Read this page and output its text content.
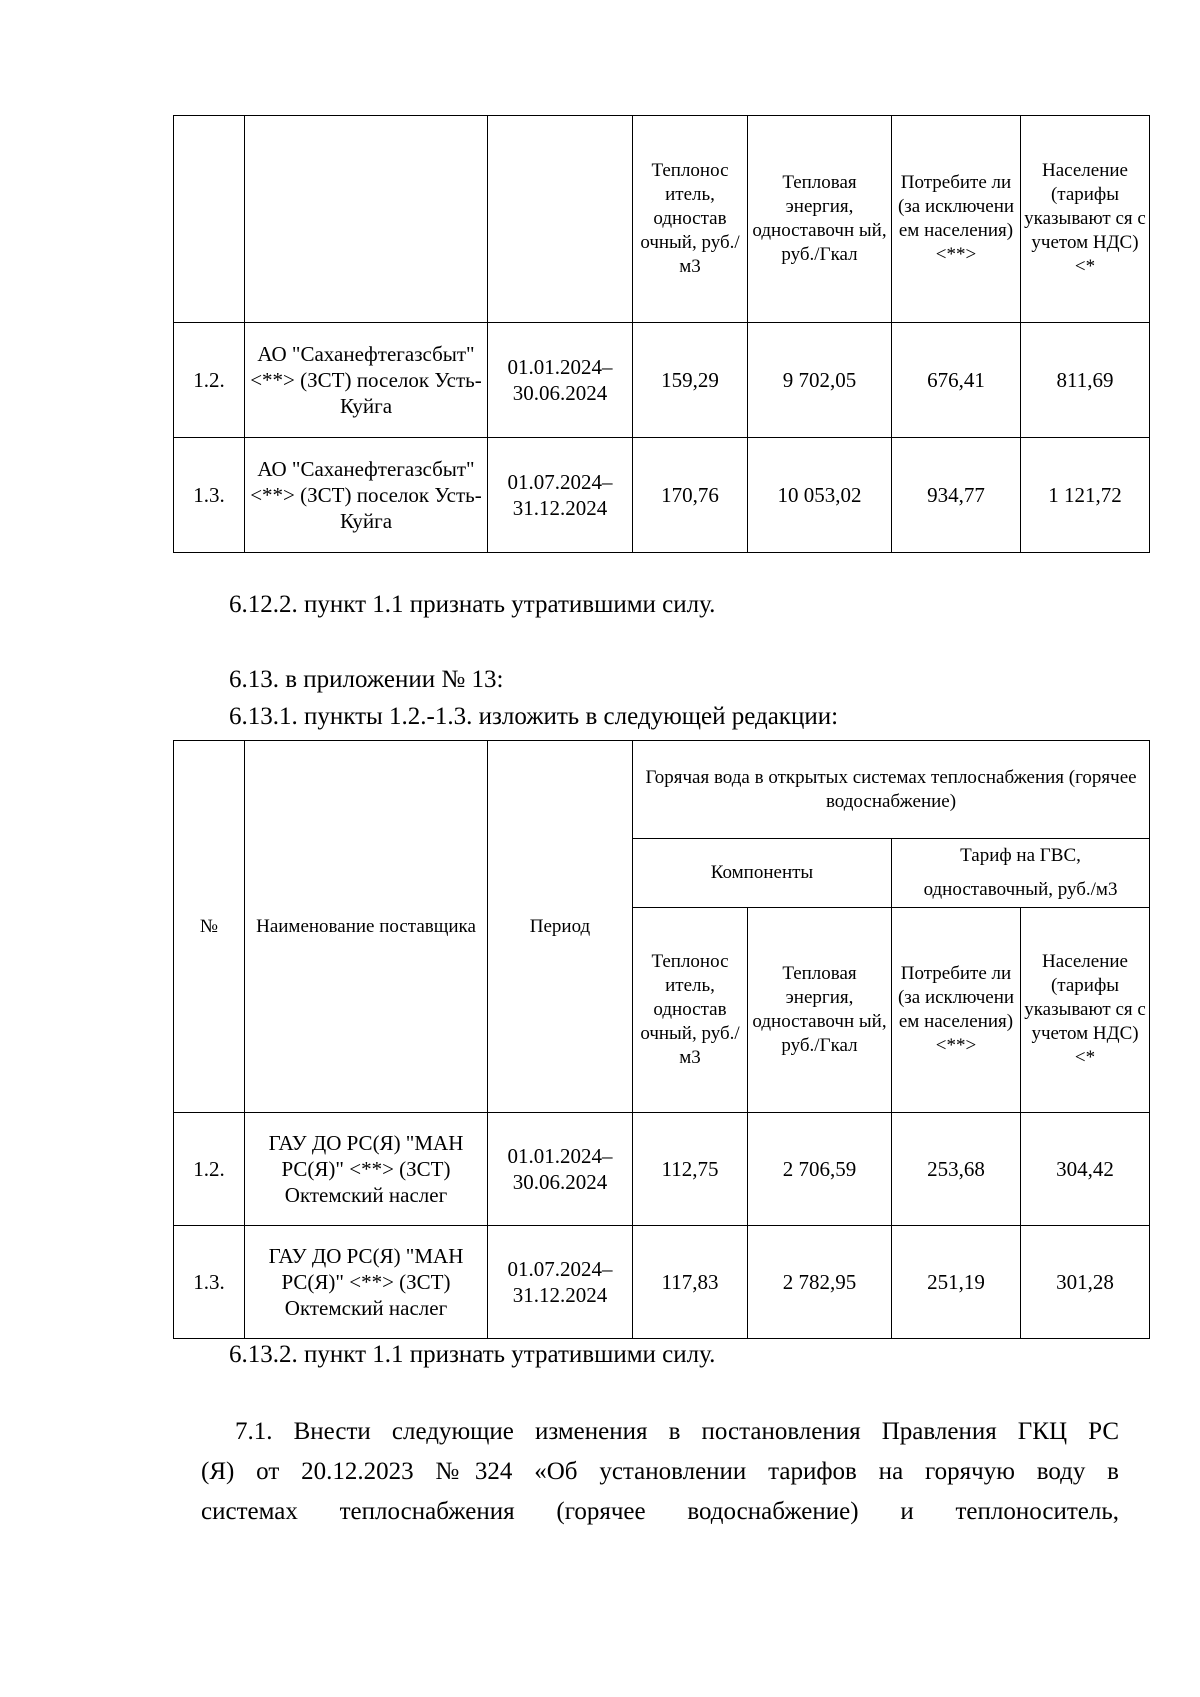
			Теплонос итель, одностав очный, руб./м3	Тепловая энергия, одноставочн ый, руб./Гкал	Потребите ли (за исключени ем населения) <**>	Население (тарифы указывают ся с учетом НДС) <*
1.2.	АО "Саханефтегазсбыт" <**> (ЗСТ) поселок Усть-Куйга	01.01.2024– 30.06.2024	159,29	9 702,05	676,41	811,69
1.3.	АО "Саханефтегазсбыт" <**> (ЗСТ) поселок Усть-Куйга	01.07.2024– 31.12.2024	170,76	10 053,02	934,77	1 121,72
6.12.2. пункт 1.1 признать утратившими силу.
6.13. в приложении № 13:
6.13.1. пункты 1.2.-1.3. изложить в следующей редакции:
№	Наименование поставщика	Период	Горячая вода в открытых системах теплоснабжения (горячее водоснабжение)			
			Компоненты		Тариф на ГВС, одноставочный, руб./м3	
			Теплонос итель, одностав очный, руб./м3	Тепловая энергия, одноставочн ый, руб./Гкал	Потребите ли (за исключени ем населения) <**>	Население (тарифы указывают ся с учетом НДС) <*
1.2.	ГАУ ДО РС(Я) "МАН РС(Я)" <**> (ЗСТ) Октемский наслег	01.01.2024– 30.06.2024	112,75	2 706,59	253,68	304,42
1.3.	ГАУ ДО РС(Я) "МАН РС(Я)" <**> (ЗСТ) Октемский наслег	01.07.2024– 31.12.2024	117,83	2 782,95	251,19	301,28
6.13.2. пункт 1.1 признать утратившими силу.
7.1. Внести следующие изменения в постановления Правления ГКЦ РС
(Я) от 20.12.2023 №324 «Об установлении тарифов на горячую воду в
системах теплоснабжения (горячее водоснабжение) и теплоноситель,
